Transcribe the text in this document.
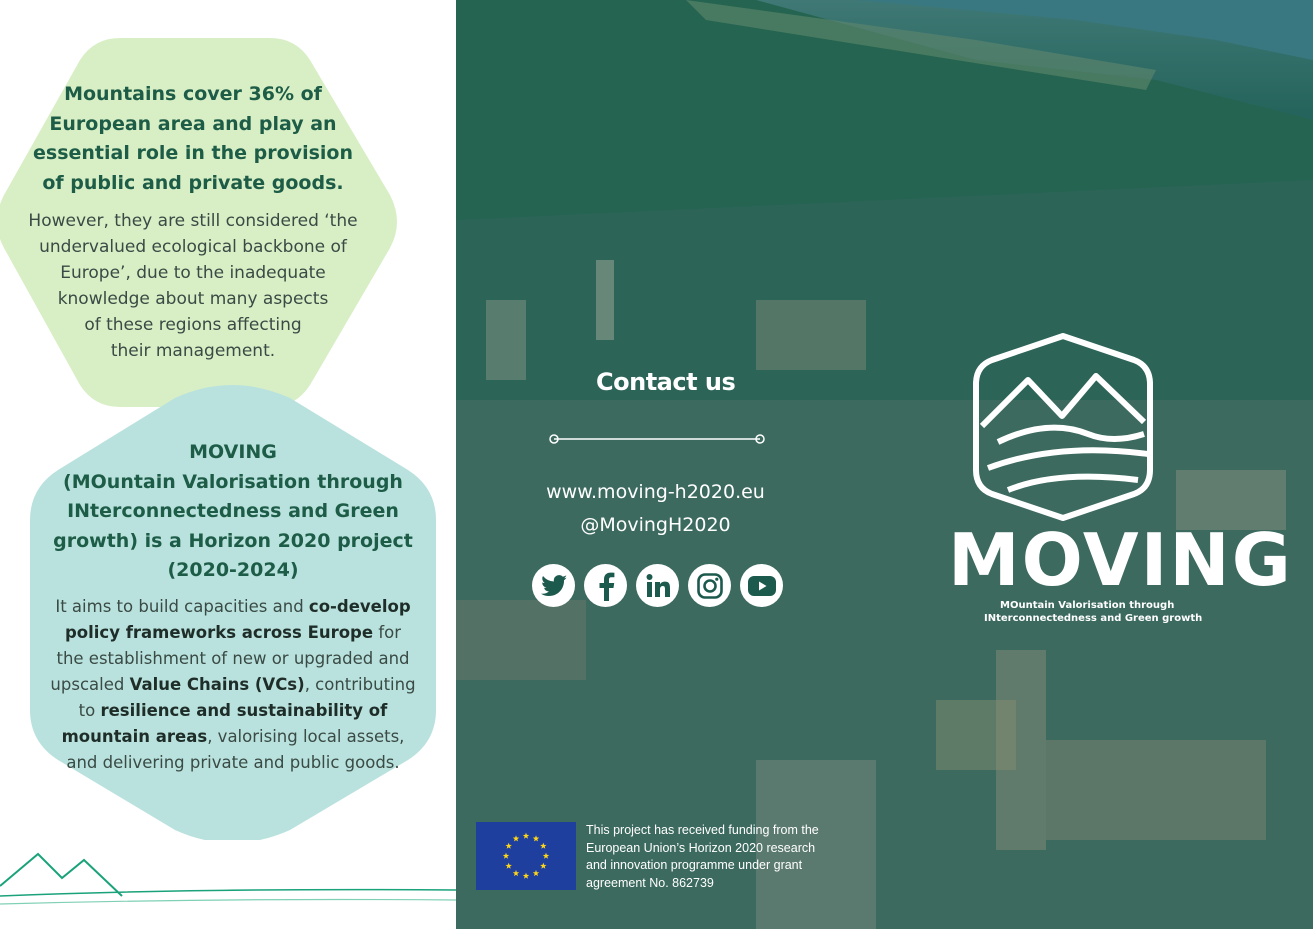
Mountains cover 36% of
European area and play an
essential role in the provision
of public and private goods.

However, they are still considered ‘the
undervalued ecological backbone of
Europe’, due to the inadequate
knowledge about many aspects
of these regions affecting
their management.

MOVING
(MOuntain Valorisation through
INterconnectedness and Green
growth) is a Horizon 2020 project
(2020-2024)

It aims to build capacities and co-develop policy frameworks across Europe for the establishment of new or upgraded and upscaled Value Chains (VCs), contributing to resilience and sustainability of mountain areas, valorising local assets, and delivering private and public goods.

Contact us
www.moving-h2020.eu
@MovingH2020	MOVING
MOuntain Valorisation through
INterconnectedness and Green growth
This project has received funding from the
European Union’s Horizon 2020 research
and innovation programme under grant
agreement No. 862739
